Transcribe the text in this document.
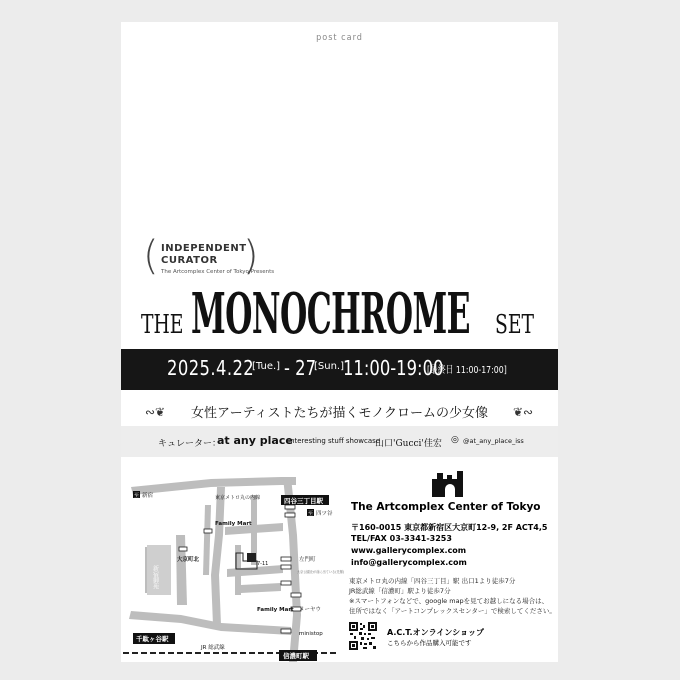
post card
( )
INDEPENDENT
CURATOR
The Artcomplex Center of Tokyo Presents
THE MONOCHROME SET
2025.4.22
[Tue.] - 27
[Sun.]
11:00-19:00
[最終日 11:00-17:00]
∾❦	女性アーティストたちが描くモノクロームの少女像	❦∾
キュレーター：
at any place
Interesting stuff showcase
山口'Gucci'佳宏 ◎ @at_any_place_iss
至 新宿	東京メトロ丸の内線	四谷三丁目駅
至 四ツ谷
Family Mart
大京町北
新宿御苑
7-11
左門町
大京公園北が前に出ている(先輩)
Family Mart メーヤウ
ministop
千駄ヶ谷駅
JR 総武線
信濃町駅
The Artcomplex Center of Tokyo
〒160-0015 東京都新宿区大京町12-9, 2F ACT4,5
TEL/FAX 03-3341-3253
www.gallerycomplex.com
info@gallerycomplex.com
東京メトロ丸の内線「四谷三丁目」駅 出口1より徒歩7分
JR総武線「信濃町」駅より徒歩7分
※スマートフォンなどで、google mapを見てお越しになる場合は、
住所ではなく「アートコンプレックスセンター」で検索してください。
A.C.T.オンラインショップ
こちらから作品購入可能です
